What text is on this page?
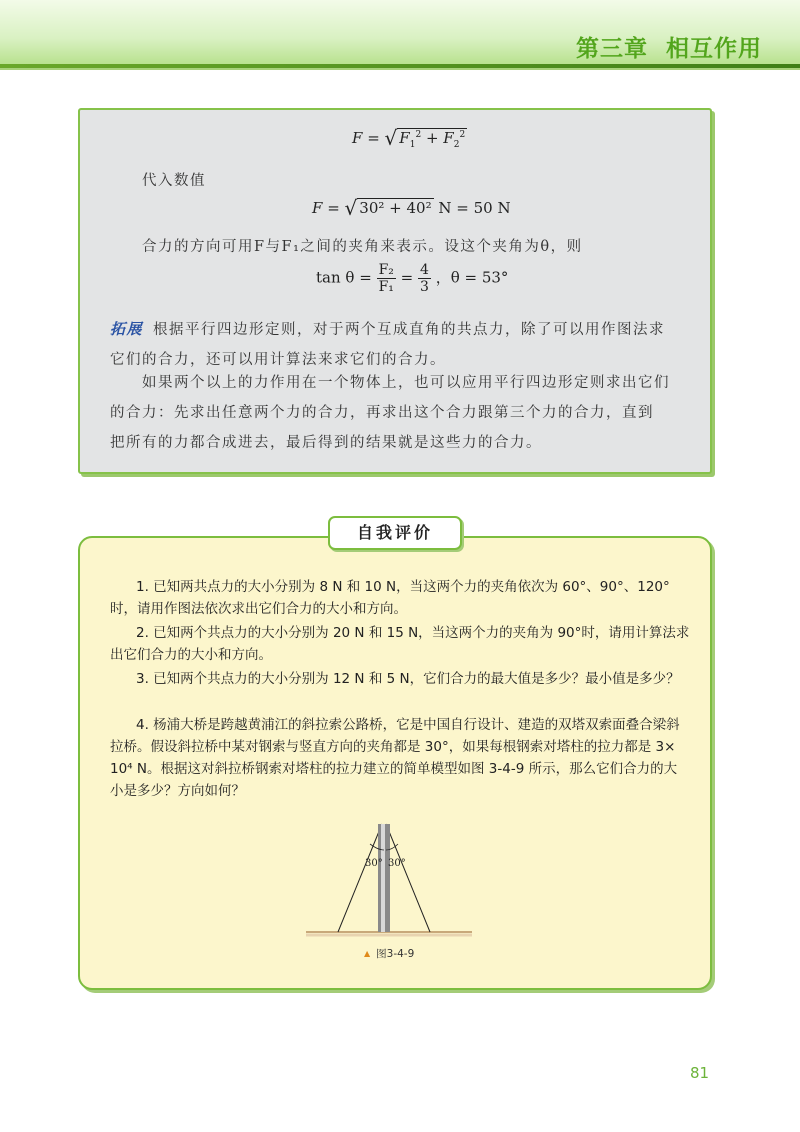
第三章 相互作用
F = √ $F_1^2 + F_2^2$
代入数值
F = √ 30² + 40² N = 50 N
合力的方向可用F与F₁之间的夹角来表示。设这个夹角为θ，则
$\tan \theta = \frac{\text{F₂}}{\text{F₁}} = \frac{4}{3}$ ，θ = 53°
拓展 根据平行四边形定则，对于两个互成直角的共点力，除了可以用作图法求
它们的合力，还可以用计算法来求它们的合力。
如果两个以上的力作用在一个物体上，也可以应用平行四边形定则求出它们
的合力：先求出任意两个力的合力，再求出这个合力跟第三个力的合力，直到
把所有的力都合成进去，最后得到的结果就是这些力的合力。
自我评价
1. 已知两共点力的大小分别为 8 N 和 10 N，当这两个力的夹角依次为 60°、90°、120°时，请用作图法依次求出它们合力的大小和方向。
2. 已知两个共点力的大小分别为 20 N 和 15 N，当这两个力的夹角为 90°时，请用计算法求出它们合力的大小和方向。
3. 已知两个共点力的大小分别为 12 N 和 5 N，它们合力的最大值是多少？最小值是多少？
4. 杨浦大桥是跨越黄浦江的斜拉索公路桥，它是中国自行设计、建造的双塔双索面叠合梁斜拉桥。假设斜拉桥中某对钢索与竖直方向的夹角都是 30°，如果每根钢索对塔柱的拉力都是 3× 10⁴ N。根据这对斜拉桥钢索对塔柱的拉力建立的简单模型如图 3-4-9 所示，那么它们合力的大小是多少？方向如何？
30° 30°
▲ 图3-4-9
81
